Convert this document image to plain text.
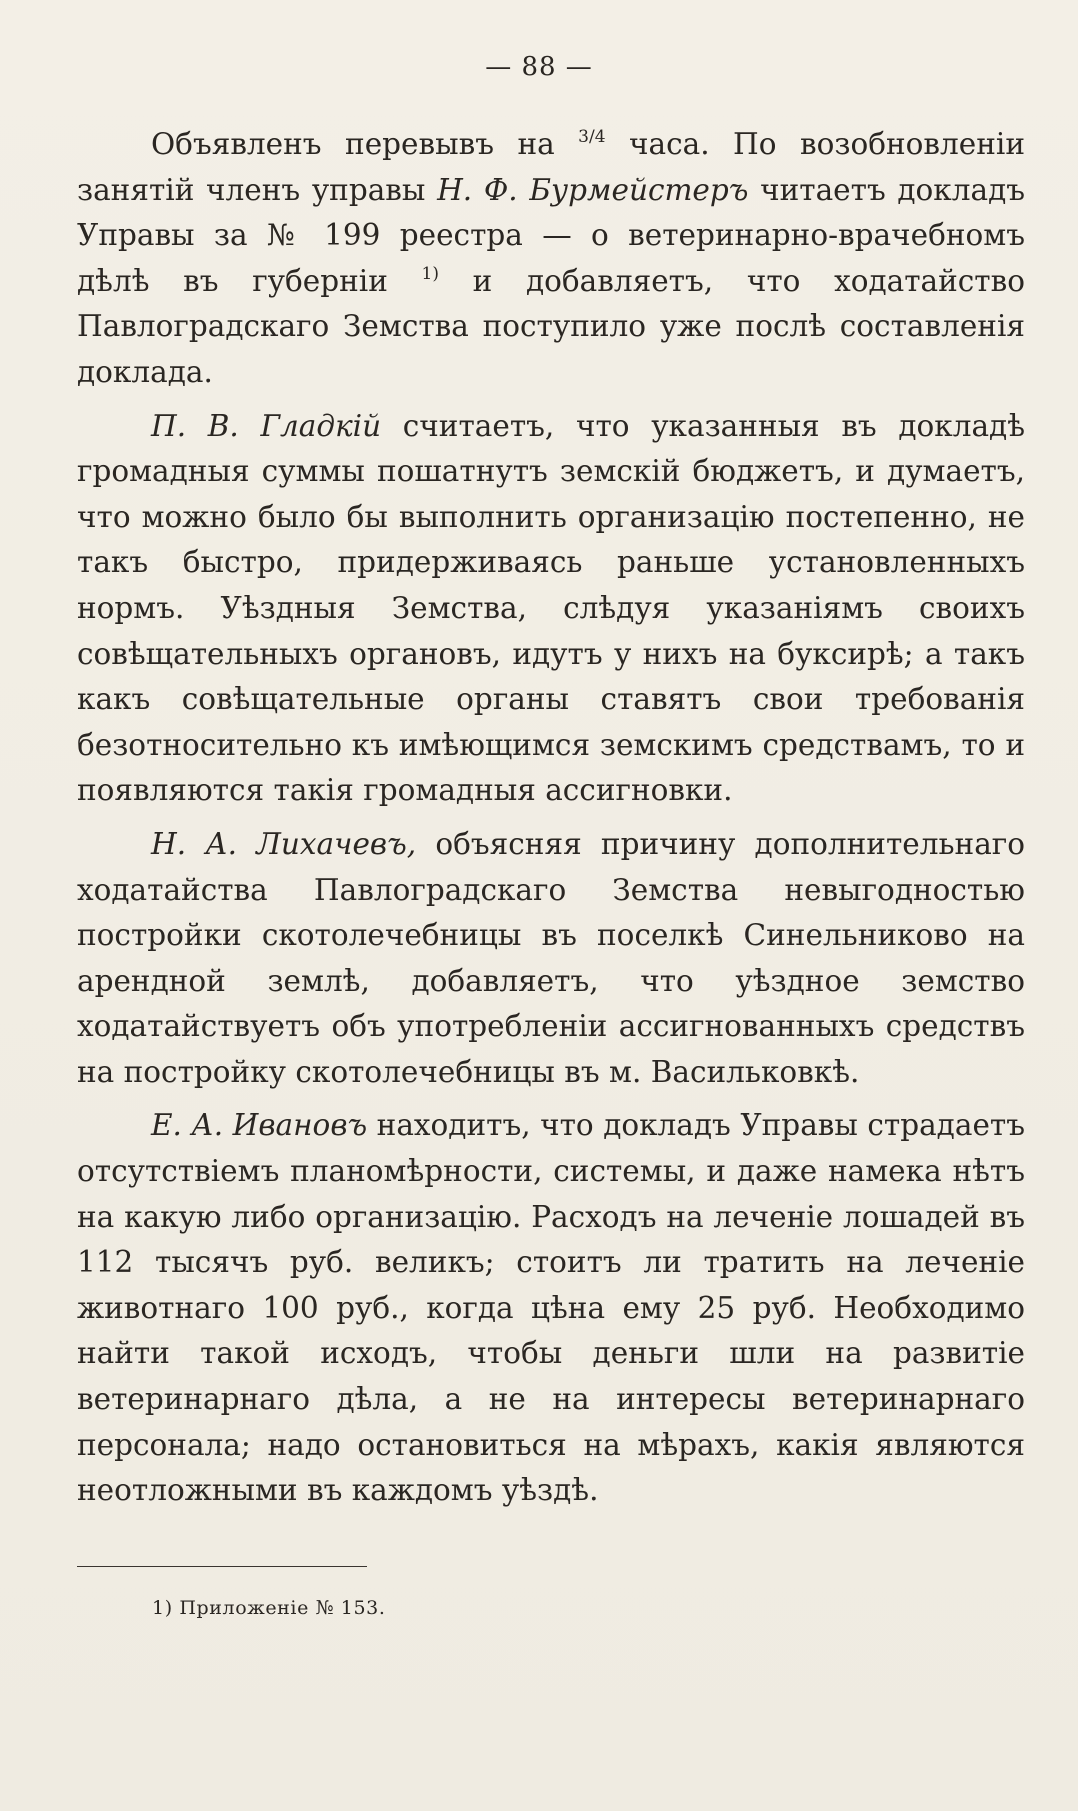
— 88 —

Объявленъ перевывъ на $^{3/4}$ часа. По возобновленіи занятій членъ управы Н. Ф. Бурмейстеръ читаетъ докладъ Управы за № 199 реестра — о ветеринарно-врачебномъ дѣлѣ въ губерніи $^{1)}$ и добавляетъ, что ходатайство Павлоградскаго Земства поступило уже послѣ составленія доклада.

П. В. Гладкій считаетъ, что указанныя въ докладѣ громадныя суммы пошатнутъ земскій бюджетъ, и думаетъ, что можно было бы выполнить организацію постепенно, не такъ быстро, придерживаясь раньше установленныхъ нормъ. Уѣздныя Земства, слѣдуя указаніямъ своихъ совѣщательныхъ органовъ, идутъ у нихъ на буксирѣ; а такъ какъ совѣщательные органы ставятъ свои требованія безотносительно къ имѣющимся земскимъ средствамъ, то и появляются такія громадныя ассигновки.

Н. А. Лихачевъ, объясняя причину дополнительнаго ходатайства Павлоградскаго Земства невыгодностью постройки скотолечебницы въ поселкѣ Синельниково на арендной землѣ, добавляетъ, что уѣздное земство ходатайствуетъ объ употребленіи ассигнованныхъ средствъ на постройку скотолечебницы въ м. Васильковкѣ.

Е. А. Ивановъ находитъ, что докладъ Управы страдаетъ отсутствіемъ планомѣрности, системы, и даже намека нѣтъ на какую либо организацію. Расходъ на леченіе лошадей въ 112 тысячъ руб. великъ; стоитъ ли тратить на леченіе животнаго 100 руб., когда цѣна ему 25 руб. Необходимо найти такой исходъ, чтобы деньги шли на развитіе ветеринарнаго дѣла, а не на интересы ветеринарнаго персонала; надо остановиться на мѣрахъ, какія являются неотложными въ каждомъ уѣздѣ.

1) Приложеніе № 153.
